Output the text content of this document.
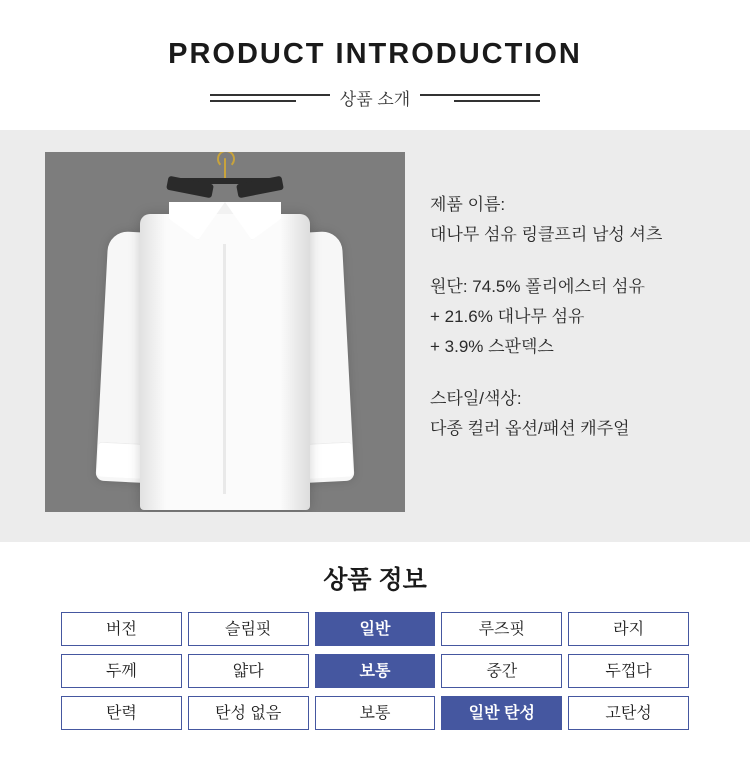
PRODUCT INTRODUCTION
상품 소개
제품 이름:
대나무 섬유 링클프리 남성 셔츠
원단: 74.5% 폴리에스터 섬유
+ 21.6% 대나무 섬유
+ 3.9% 스판덱스
스타일/색상:
다종 컬러 옵션/패션 캐주얼
상품 정보
버전	슬림핏	일반	루즈핏	라지
두께	얇다	보통	중간	두껍다
탄력	탄성 없음	보통	일반 탄성	고탄성
